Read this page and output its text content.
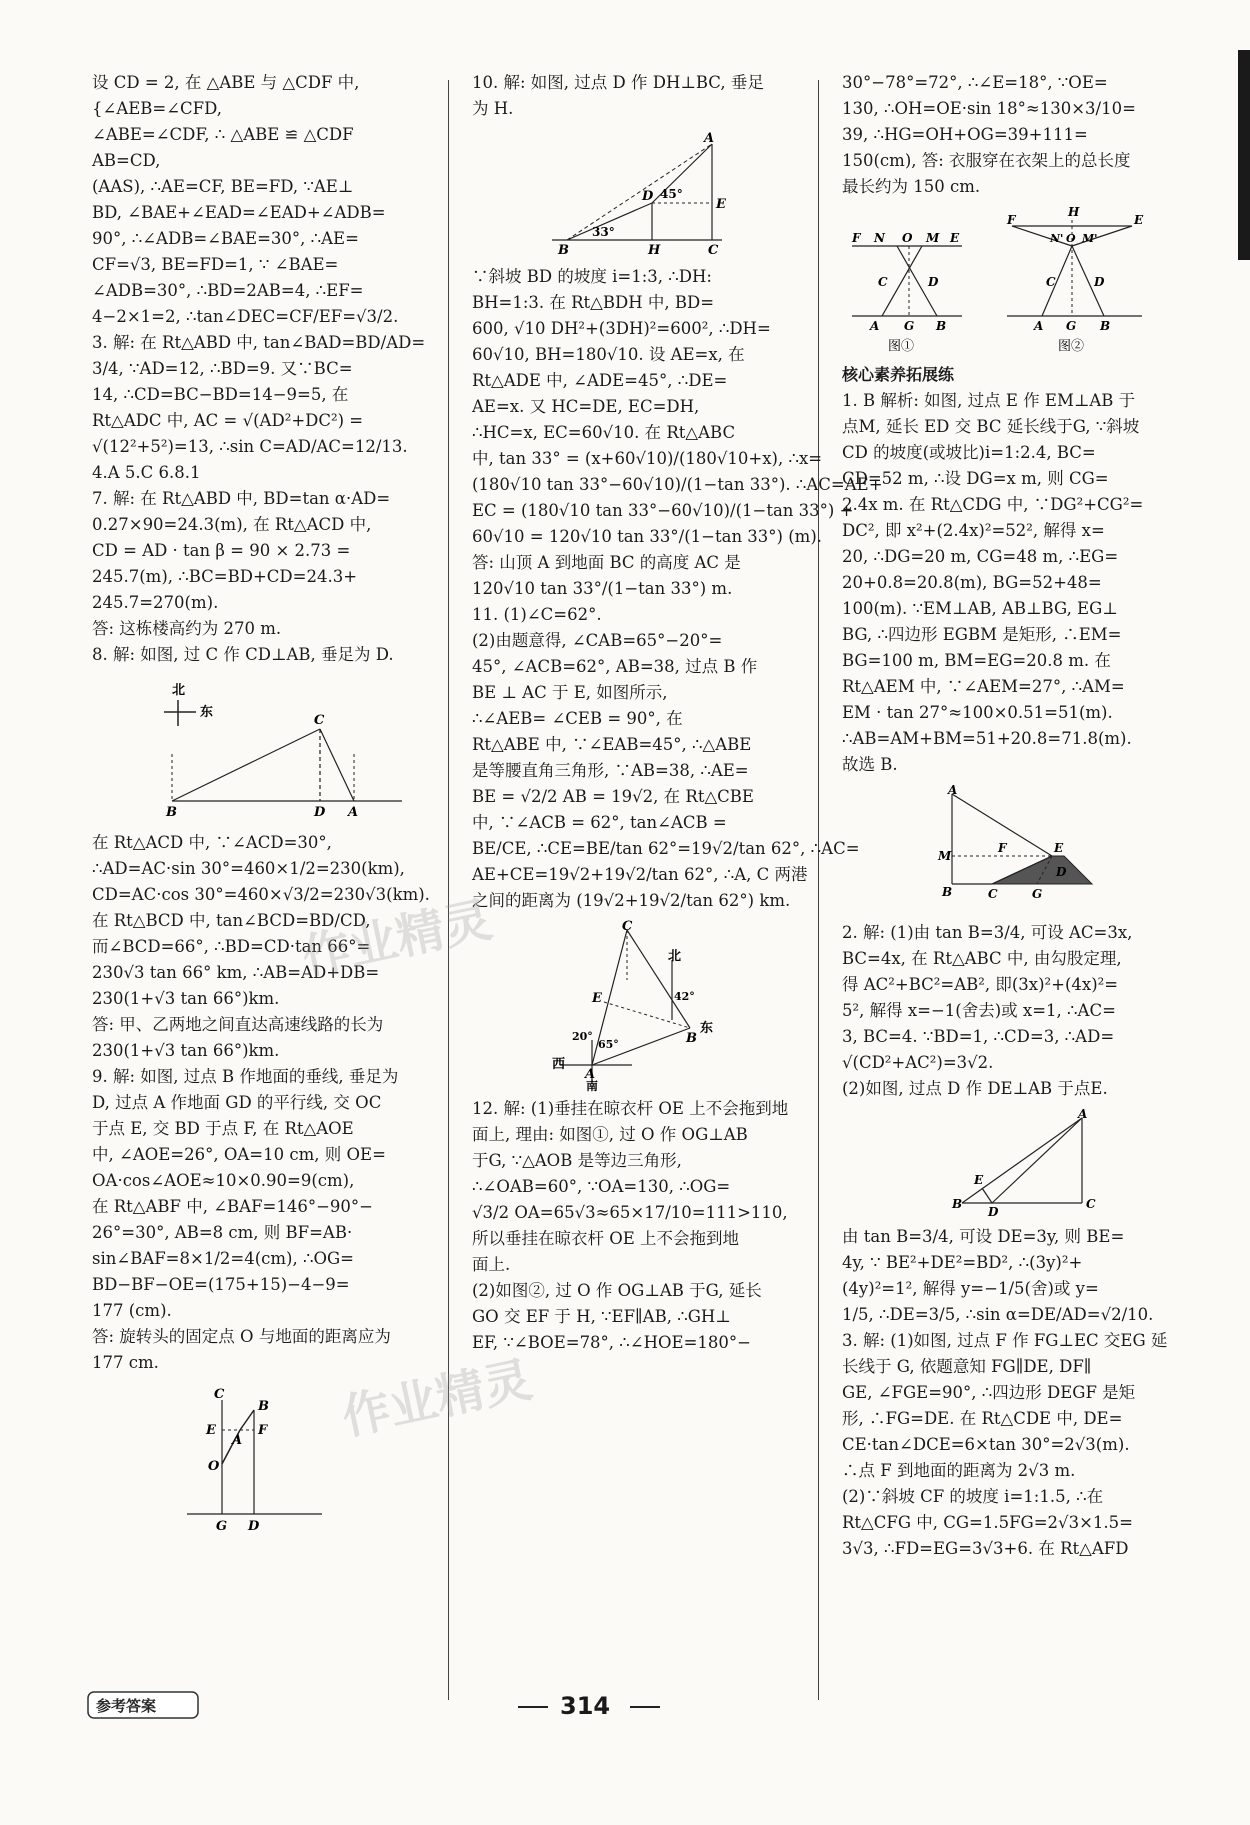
设 CD = 2, 在 △ABE 与 △CDF 中,
{∠AEB=∠CFD,
∠ABE=∠CDF, ∴ △ABE ≌ △CDF
AB=CD,
(AAS), ∴AE=CF, BE=FD, ∵AE⊥
BD, ∠BAE+∠EAD=∠EAD+∠ADB=
90°, ∴∠ADB=∠BAE=30°, ∴AE=
CF=√3, BE=FD=1, ∵ ∠BAE=
∠ADB=30°, ∴BD=2AB=4, ∴EF=
4−2×1=2, ∴tan∠DEC=CF/EF=√3/2.
3. 解: 在 Rt△ABD 中, tan∠BAD=BD/AD=
3/4, ∵AD=12, ∴BD=9. 又∵BC=
14, ∴CD=BC−BD=14−9=5, 在
Rt△ADC 中, AC = √(AD²+DC²) =
√(12²+5²)=13, ∴sin C=AD/AC=12/13.
4.A 5.C 6.8.1
7. 解: 在 Rt△ABD 中, BD=tan α·AD=
0.27×90=24.3(m), 在 Rt△ACD 中,
CD = AD · tan β = 90 × 2.73 =
245.7(m), ∴BC=BD+CD=24.3+
245.7=270(m).
答: 这栋楼高约为 270 m.
8. 解: 如图, 过 C 作 CD⊥AB, 垂足为 D.
北
东
C
B	D A
在 Rt△ACD 中, ∵∠ACD=30°,
∴AD=AC·sin 30°=460×1/2=230(km),
CD=AC·cos 30°=460×√3/2=230√3(km).
在 Rt△BCD 中, tan∠BCD=BD/CD,
而∠BCD=66°, ∴BD=CD·tan 66°=
230√3 tan 66° km, ∴AB=AD+DB=
230(1+√3 tan 66°)km.
答: 甲、乙两地之间直达高速线路的长为
230(1+√3 tan 66°)km.
9. 解: 如图, 过点 B 作地面的垂线, 垂足为
D, 过点 A 作地面 GD 的平行线, 交 OC
于点 E, 交 BD 于点 F, 在 Rt△AOE
中, ∠AOE=26°, OA=10 cm, 则 OE=
OA·cos∠AOE≈10×0.90=9(cm),
在 Rt△ABF 中, ∠BAF=146°−90°−
26°=30°, AB=8 cm, 则 BF=AB·
sin∠BAF=8×1/2=4(cm), ∴OG=
BD−BF−OE=(175+15)−4−9=
177 (cm).
答: 旋转头的固定点 O 与地面的距离应为
177 cm.
C
B
E
A
F
O
G D
10. 解: 如图, 过点 D 作 DH⊥BC, 垂足
为 H.
A
D 45°
E
B
33°
H	C
∵斜坡 BD 的坡度 i=1:3, ∴DH:
BH=1:3. 在 Rt△BDH 中, BD=
600, √10 DH²+(3DH)²=600², ∴DH=
60√10, BH=180√10. 设 AE=x, 在
Rt△ADE 中, ∠ADE=45°, ∴DE=
AE=x. 又 HC=DE, EC=DH,
∴HC=x, EC=60√10. 在 Rt△ABC
中, tan 33° = (x+60√10)/(180√10+x), ∴x=
(180√10 tan 33°−60√10)/(1−tan 33°). ∴AC=AE+
EC = (180√10 tan 33°−60√10)/(1−tan 33°) +
60√10 = 120√10 tan 33°/(1−tan 33°) (m).
答: 山顶 A 到地面 BC 的高度 AC 是
120√10 tan 33°/(1−tan 33°) m.
11. (1)∠C=62°.
(2)由题意得, ∠CAB=65°−20°=
45°, ∠ACB=62°, AB=38, 过点 B 作
BE ⊥ AC 于 E, 如图所示,
∴∠AEB= ∠CEB = 90°, 在
Rt△ABE 中, ∵∠EAB=45°, ∴△ABE
是等腰直角三角形, ∵AB=38, ∴AE=
BE = √2/2 AB = 19√2, 在 Rt△CBE
中, ∵∠ACB = 62°, tan∠ACB =
BE/CE, ∴CE=BE/tan 62°=19√2/tan 62°, ∴AC=
AE+CE=19√2+19√2/tan 62°, ∴A, C 两港
之间的距离为 (19√2+19√2/tan 62°) km.
C
北
42°
E
B
东
20°
65°
西
A
南
12. 解: (1)垂挂在晾衣杆 OE 上不会拖到地
面上, 理由: 如图①, 过 O 作 OG⊥AB
于G, ∵△AOB 是等边三角形,
∴∠OAB=60°, ∵OA=130, ∴OG=
√3/2 OA=65√3≈65×17/10=111>110,
所以垂挂在晾衣杆 OE 上不会拖到地
面上.
(2)如图②, 过 O 作 OG⊥AB 于G, 延长
GO 交 EF 于 H, ∵EF∥AB, ∴GH⊥
EF, ∵∠BOE=78°, ∴∠HOE=180°−
30°−78°=72°, ∴∠E=18°, ∵OE=
130, ∴OH=OE·sin 18°≈130×3/10=
39, ∴HG=OH+OG=39+111=
150(cm), 答: 衣服穿在衣架上的总长度
最长约为 150 cm.
F N O M E
C	D
A G B
图①
F
H
E
N' O M'
C	D
A G B
图②
核心素养拓展练
1. B 解析: 如图, 过点 E 作 EM⊥AB 于
点M, 延长 ED 交 BC 延长线于G, ∵斜坡
CD 的坡度(或坡比)i=1:2.4, BC=
CD=52 m, ∴设 DG=x m, 则 CG=
2.4x m. 在 Rt△CDG 中, ∵DG²+CG²=
DC², 即 x²+(2.4x)²=52², 解得 x=
20, ∴DG=20 m, CG=48 m, ∴EG=
20+0.8=20.8(m), BG=52+48=
100(m). ∵EM⊥AB, AB⊥BG, EG⊥
BG, ∴四边形 EGBM 是矩形, ∴EM=
BG=100 m, BM=EG=20.8 m. 在
Rt△AEM 中, ∵∠AEM=27°, ∴AM=
EM · tan 27°≈100×0.51=51(m).
∴AB=AM+BM=51+20.8=71.8(m).
故选 B.
A
M
F	E
D
B	C	G
2. 解: (1)由 tan B=3/4, 可设 AC=3x,
BC=4x, 在 Rt△ABC 中, 由勾股定理,
得 AC²+BC²=AB², 即(3x)²+(4x)²=
5², 解得 x=−1(舍去)或 x=1, ∴AC=
3, BC=4. ∵BD=1, ∴CD=3, ∴AD=
√(CD²+AC²)=3√2.
(2)如图, 过点 D 作 DE⊥AB 于点E.
A
E
B
D
C
由 tan B=3/4, 可设 DE=3y, 则 BE=
4y, ∵ BE²+DE²=BD², ∴(3y)²+
(4y)²=1², 解得 y=−1/5(舍)或 y=
1/5, ∴DE=3/5, ∴sin α=DE/AD=√2/10.
3. 解: (1)如图, 过点 F 作 FG⊥EC 交EG 延
长线于 G, 依题意知 FG∥DE, DF∥
GE, ∠FGE=90°, ∴四边形 DEGF 是矩
形, ∴FG=DE. 在 Rt△CDE 中, DE=
CE·tan∠DCE=6×tan 30°=2√3(m).
∴点 F 到地面的距离为 2√3 m.
(2)∵斜坡 CF 的坡度 i=1:1.5, ∴在
Rt△CFG 中, CG=1.5FG=2√3×1.5=
3√3, ∴FD=EG=3√3+6. 在 Rt△AFD
作业精灵
作业精灵
参考答案	314
